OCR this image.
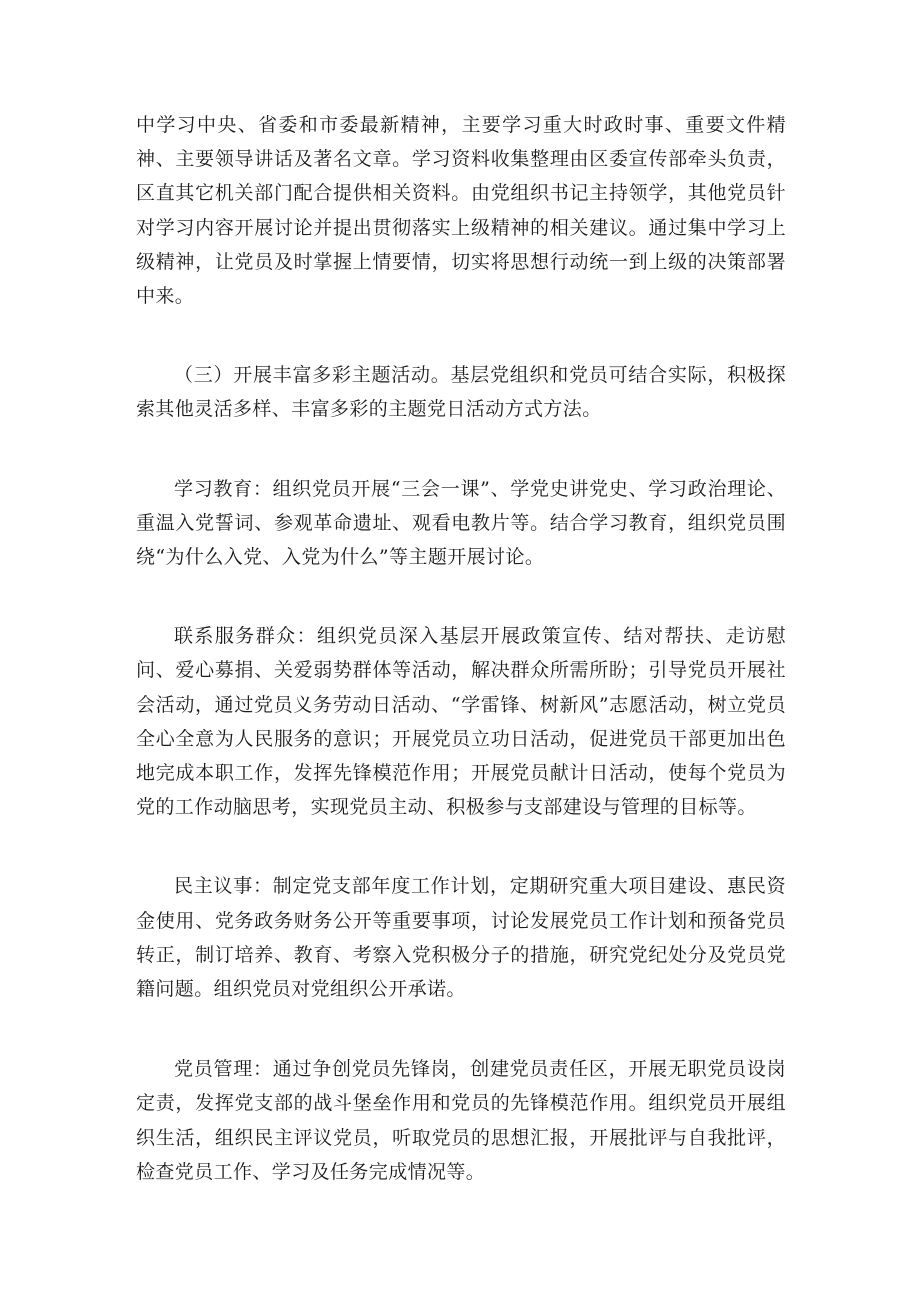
中学习中央、省委和市委最新精神，主要学习重大时政时事、重要文件精神、主要领导讲话及著名文章。学习资料收集整理由区委宣传部牵头负责，区直其它机关部门配合提供相关资料。由党组织书记主持领学，其他党员针对学习内容开展讨论并提出贯彻落实上级精神的相关建议。通过集中学习上级精神，让党员及时掌握上情要情，切实将思想行动统一到上级的决策部署中来。

（三）开展丰富多彩主题活动。基层党组织和党员可结合实际，积极探索其他灵活多样、丰富多彩的主题党日活动方式方法。

学习教育：组织党员开展“三会一课”、学党史讲党史、学习政治理论、重温入党誓词、参观革命遗址、观看电教片等。结合学习教育，组织党员围绕“为什么入党、入党为什么”等主题开展讨论。

联系服务群众：组织党员深入基层开展政策宣传、结对帮扶、走访慰问、爱心募捐、关爱弱势群体等活动，解决群众所需所盼；引导党员开展社会活动，通过党员义务劳动日活动、“学雷锋、树新风”志愿活动，树立党员全心全意为人民服务的意识；开展党员立功日活动，促进党员干部更加出色地完成本职工作，发挥先锋模范作用；开展党员献计日活动，使每个党员为党的工作动脑思考，实现党员主动、积极参与支部建设与管理的目标等。

民主议事：制定党支部年度工作计划，定期研究重大项目建设、惠民资金使用、党务政务财务公开等重要事项，讨论发展党员工作计划和预备党员转正，制订培养、教育、考察入党积极分子的措施，研究党纪处分及党员党籍问题。组织党员对党组织公开承诺。

党员管理：通过争创党员先锋岗，创建党员责任区，开展无职党员设岗定责，发挥党支部的战斗堡垒作用和党员的先锋模范作用。组织党员开展组织生活，组织民主评议党员，听取党员的思想汇报，开展批评与自我批评，检查党员工作、学习及任务完成情况等。
